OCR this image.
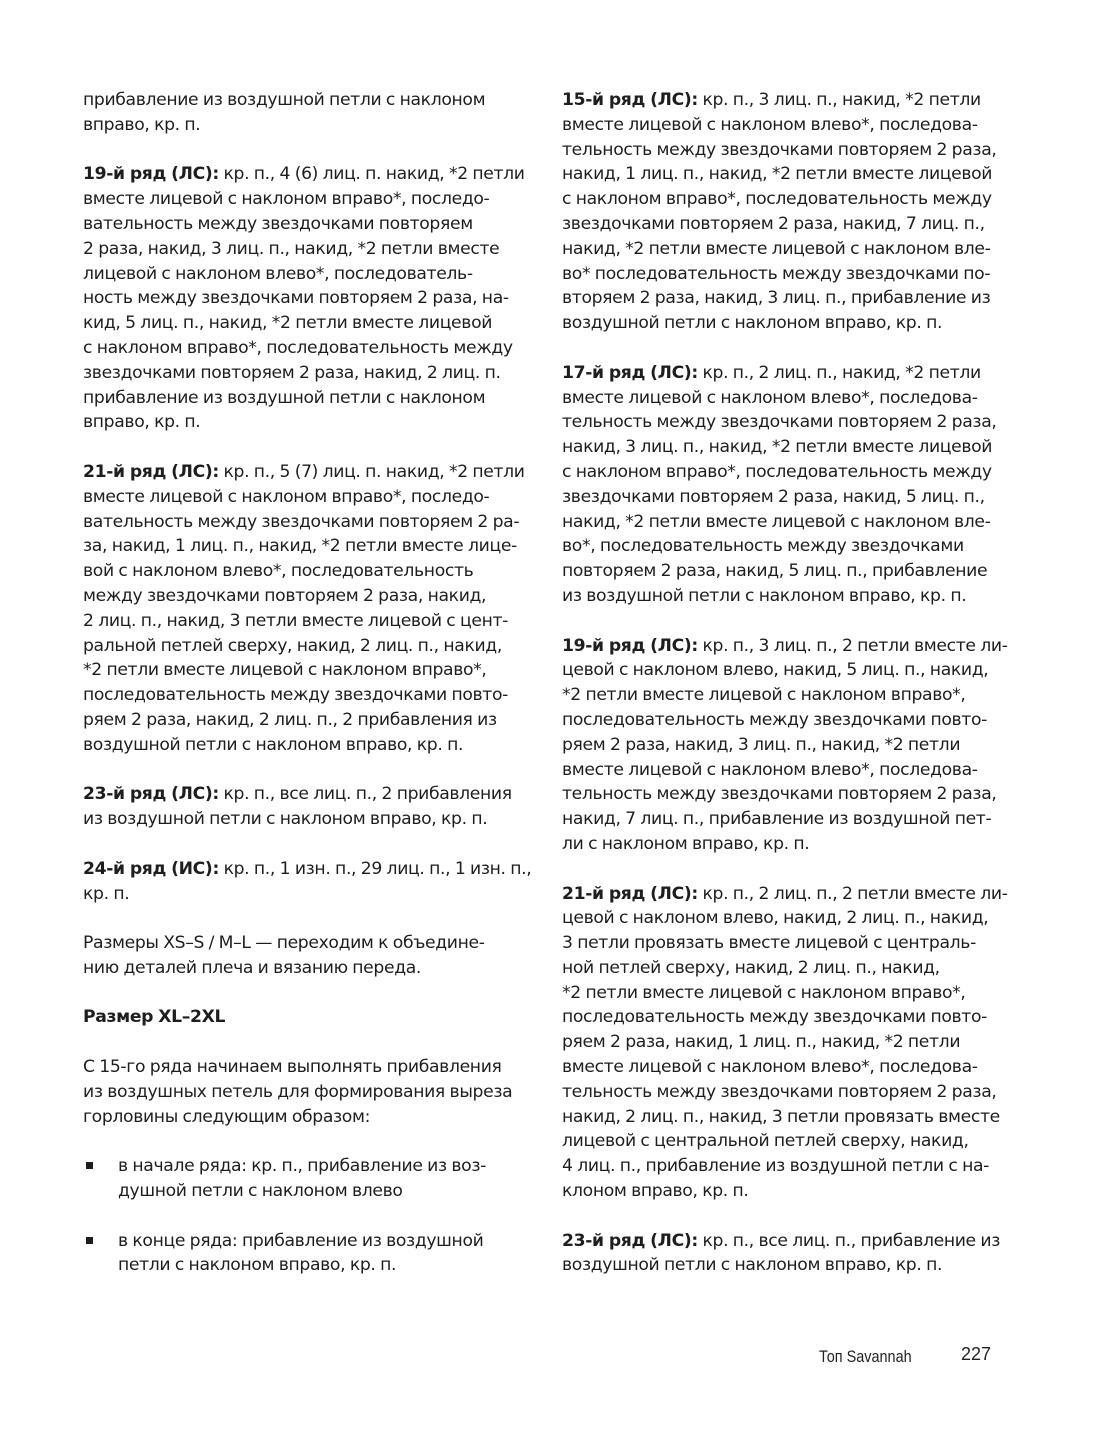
прибавление из воздушной петли с наклоном
вправо, кр. п.

19-й ряд (ЛС): кр. п., 4 (6) лиц. п. накид, *2 петли
вместе лицевой с наклоном вправо*, последо-
вательность между звездочками повторяем
2 раза, накид, 3 лиц. п., накид, *2 петли вместе
лицевой с наклоном влево*, последователь-
ность между звездочками повторяем 2 раза, на-
кид, 5 лиц. п., накид, *2 петли вместе лицевой
с наклоном вправо*, последовательность между
звездочками повторяем 2 раза, накид, 2 лиц. п.
прибавление из воздушной петли с наклоном
вправо, кр. п.

21-й ряд (ЛС): кр. п., 5 (7) лиц. п. накид, *2 петли
вместе лицевой с наклоном вправо*, последо-
вательность между звездочками повторяем 2 ра-
за, накид, 1 лиц. п., накид, *2 петли вместе лице-
вой с наклоном влево*, последовательность
между звездочками повторяем 2 раза, накид,
2 лиц. п., накид, 3 петли вместе лицевой с цент-
ральной петлей сверху, накид, 2 лиц. п., накид,
*2 петли вместе лицевой с наклоном вправо*,
последовательность между звездочками повто-
ряем 2 раза, накид, 2 лиц. п., 2 прибавления из
воздушной петли с наклоном вправо, кр. п.

23-й ряд (ЛС): кр. п., все лиц. п., 2 прибавления
из воздушной петли с наклоном вправо, кр. п.

24-й ряд (ИС): кр. п., 1 изн. п., 29 лиц. п., 1 изн. п.,
кр. п.

Размеры XS–S / M–L — переходим к объедине-
нию деталей плеча и вязанию переда.

Размер XL–2XL

С 15-го ряда начинаем выполнять прибавления
из воздушных петель для формирования выреза
горловины следующим образом:

в начале ряда: кр. п., прибавление из воз-
душной петли с наклоном влево
в конце ряда: прибавление из воздушной
петли с наклоном вправо, кр. п.

15-й ряд (ЛС): кр. п., 3 лиц. п., накид, *2 петли
вместе лицевой с наклоном влево*, последова-
тельность между звездочками повторяем 2 раза,
накид, 1 лиц. п., накид, *2 петли вместе лицевой
с наклоном вправо*, последовательность между
звездочками повторяем 2 раза, накид, 7 лиц. п.,
накид, *2 петли вместе лицевой с наклоном вле-
во* последовательность между звездочками по-
вторяем 2 раза, накид, 3 лиц. п., прибавление из
воздушной петли с наклоном вправо, кр. п.

17-й ряд (ЛС): кр. п., 2 лиц. п., накид, *2 петли
вместе лицевой с наклоном влево*, последова-
тельность между звездочками повторяем 2 раза,
накид, 3 лиц. п., накид, *2 петли вместе лицевой
с наклоном вправо*, последовательность между
звездочками повторяем 2 раза, накид, 5 лиц. п.,
накид, *2 петли вместе лицевой с наклоном вле-
во*, последовательность между звездочками
повторяем 2 раза, накид, 5 лиц. п., прибавление
из воздушной петли с наклоном вправо, кр. п.

19-й ряд (ЛС): кр. п., 3 лиц. п., 2 петли вместе ли-
цевой с наклоном влево, накид, 5 лиц. п., накид,
*2 петли вместе лицевой с наклоном вправо*,
последовательность между звездочками повто-
ряем 2 раза, накид, 3 лиц. п., накид, *2 петли
вместе лицевой с наклоном влево*, последова-
тельность между звездочками повторяем 2 раза,
накид, 7 лиц. п., прибавление из воздушной пет-
ли с наклоном вправо, кр. п.

21-й ряд (ЛС): кр. п., 2 лиц. п., 2 петли вместе ли-
цевой с наклоном влево, накид, 2 лиц. п., накид,
3 петли провязать вместе лицевой с централь-
ной петлей сверху, накид, 2 лиц. п., накид,
*2 петли вместе лицевой с наклоном вправо*,
последовательность между звездочками повто-
ряем 2 раза, накид, 1 лиц. п., накид, *2 петли
вместе лицевой с наклоном влево*, последова-
тельность между звездочками повторяем 2 раза,
накид, 2 лиц. п., накид, 3 петли провязать вместе
лицевой с центральной петлей сверху, накид,
4 лиц. п., прибавление из воздушной петли с на-
клоном вправо, кр. п.

23-й ряд (ЛС): кр. п., все лиц. п., прибавление из
воздушной петли с наклоном вправо, кр. п.

Топ Savannah	227
